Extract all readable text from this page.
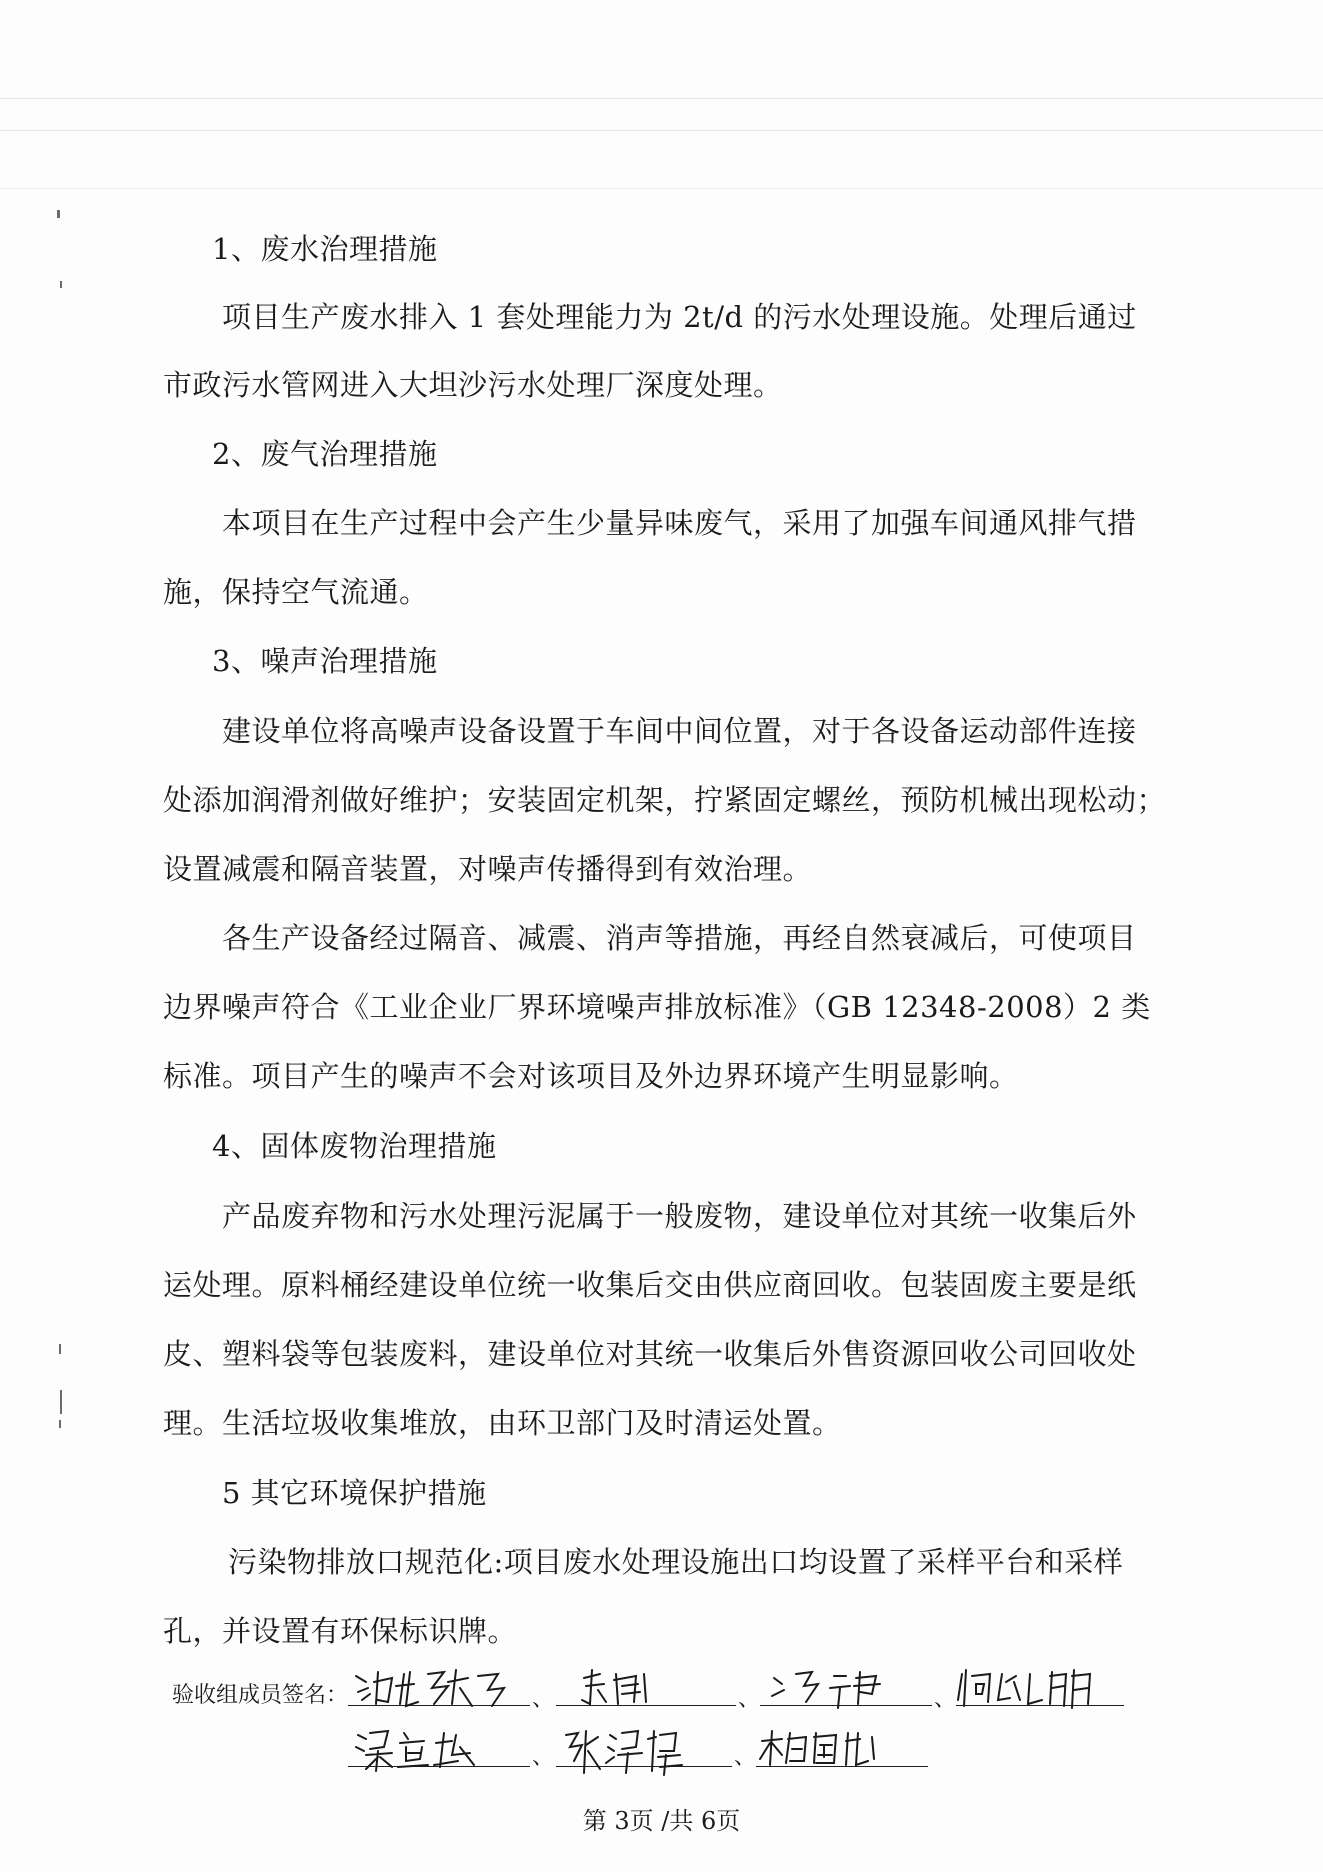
1、废水治理措施
项目生产废水排入 1 套处理能力为 2t/d 的污水处理设施。处理后通过
市政污水管网进入大坦沙污水处理厂深度处理。
2、废气治理措施
本项目在生产过程中会产生少量异味废气，采用了加强车间通风排气措
施，保持空气流通。
3、噪声治理措施
建设单位将高噪声设备设置于车间中间位置，对于各设备运动部件连接
处添加润滑剂做好维护；安装固定机架，拧紧固定螺丝，预防机械出现松动；
设置减震和隔音装置，对噪声传播得到有效治理。
各生产设备经过隔音、减震、消声等措施，再经自然衰减后，可使项目
边界噪声符合《工业企业厂界环境噪声排放标准》（GB 12348-2008）2 类
标准。项目产生的噪声不会对该项目及外边界环境产生明显影响。
4、固体废物治理措施
产品废弃物和污水处理污泥属于一般废物，建设单位对其统一收集后外
运处理。原料桶经建设单位统一收集后交由供应商回收。包装固废主要是纸
皮、塑料袋等包装废料，建设单位对其统一收集后外售资源回收公司回收处
理。生活垃圾收集堆放，由环卫部门及时清运处置。
5 其它环境保护措施
污染物排放口规范化:项目废水处理设施出口均设置了采样平台和采样
孔，并设置有环保标识牌。
验收组成员签名：	、	、	、
、	、
第 3页 /共 6页
